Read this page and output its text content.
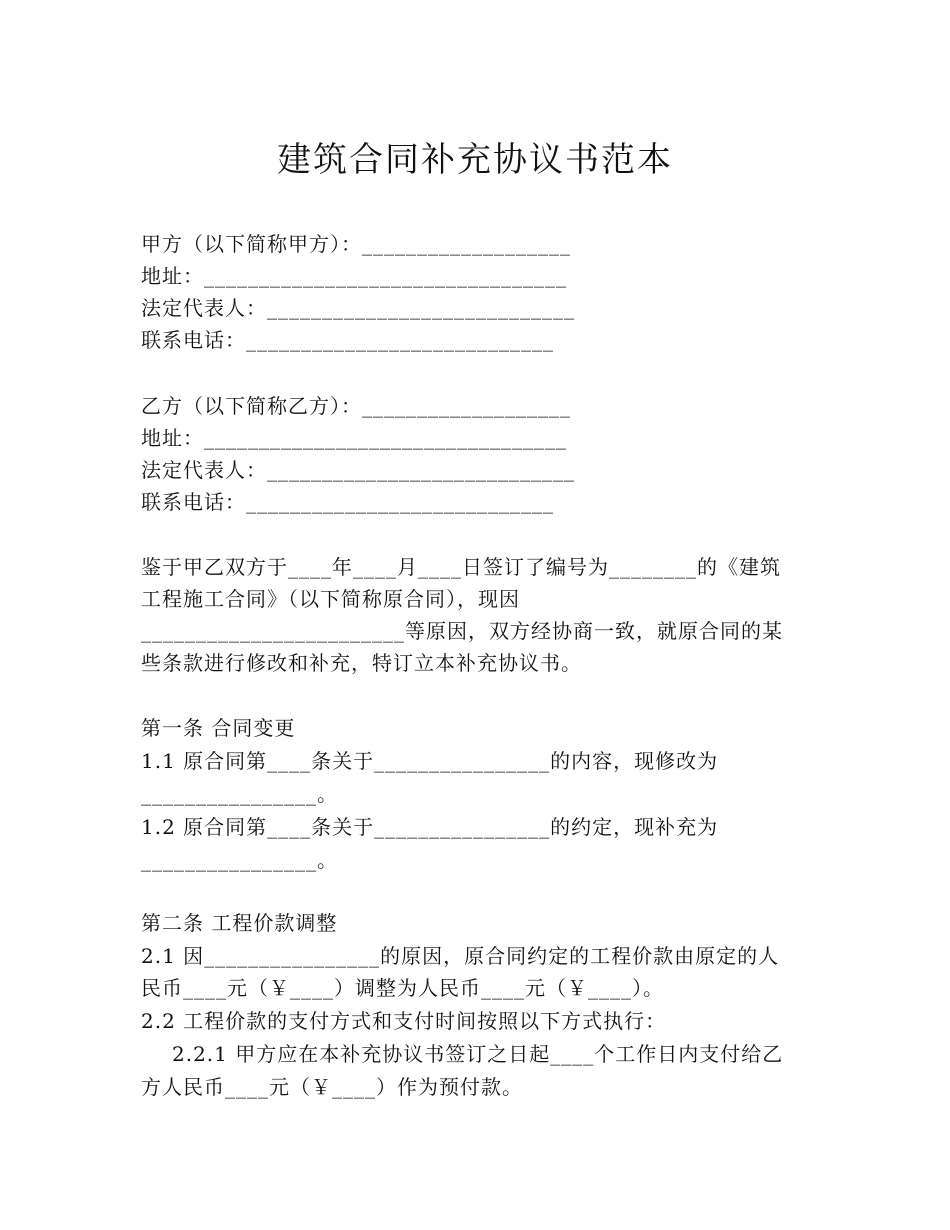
建筑合同补充协议书范本
甲方（以下简称甲方）：___________________
地址：_________________________________
法定代表人：____________________________
联系电话：____________________________
乙方（以下简称乙方）：___________________
地址：_________________________________
法定代表人：____________________________
联系电话：____________________________
鉴于甲乙双方于____年____月____日签订了编号为________的《建筑
工程施工合同》（以下简称原合同），现因
________________________等原因，双方经协商一致，就原合同的某
些条款进行修改和补充，特订立本补充协议书。
第一条 合同变更
1.1 原合同第____条关于________________的内容，现修改为
________________。
1.2 原合同第____条关于________________的约定，现补充为
________________。
第二条 工程价款调整
2.1 因________________的原因，原合同约定的工程价款由原定的人
民币____元（￥____）调整为人民币____元（￥____）。
2.2 工程价款的支付方式和支付时间按照以下方式执行：
2.2.1 甲方应在本补充协议书签订之日起____个工作日内支付给乙
方人民币____元（￥____）作为预付款。
